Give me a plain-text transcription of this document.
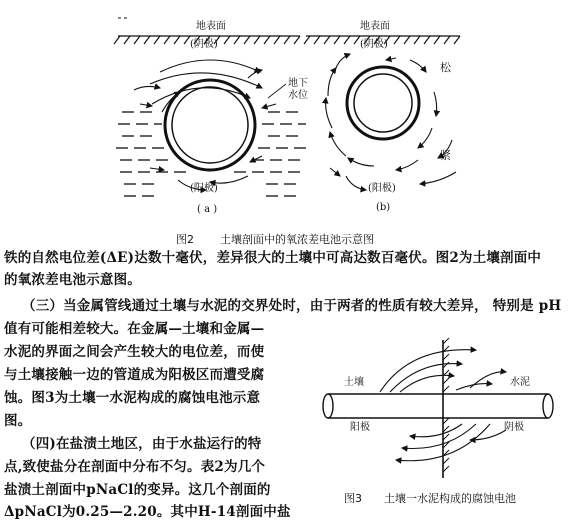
地表面
(阴极)
地下
水位
(阳极)
( a )
地表面
(阴极)
松
紧
(阳极)
(b)
图2 土壤剖面中的氧浓差电池示意图
铁的自然电位差(ΔE)达数十毫伏，差异很大的土壤中可高达数百毫伏。图2为土壤剖面中
的氧浓差电池示意图。
（三）当金属管线通过土壤与水泥的交界处时，由于两者的性质有较大差异， 特别是 pH
值有可能相差较大。在金属—土壤和金属—
水泥的界面之间会产生较大的电位差，而使
与土壤接触一边的管道成为阳极区而遭受腐
蚀。图3为土壤一水泥构成的腐蚀电池示意
图。
（四)在盐渍土地区，由于水盐运行的特
点,致使盐分在剖面中分布不匀。表2为几个
盐渍土剖面中pNaCl的变异。这几个剖面的
ΔpNaCl为0.25—2.20。其中H-14剖面中盐
土壤	水泥
阳极	阴极
图3 土壤一水泥构成的腐蚀电池
